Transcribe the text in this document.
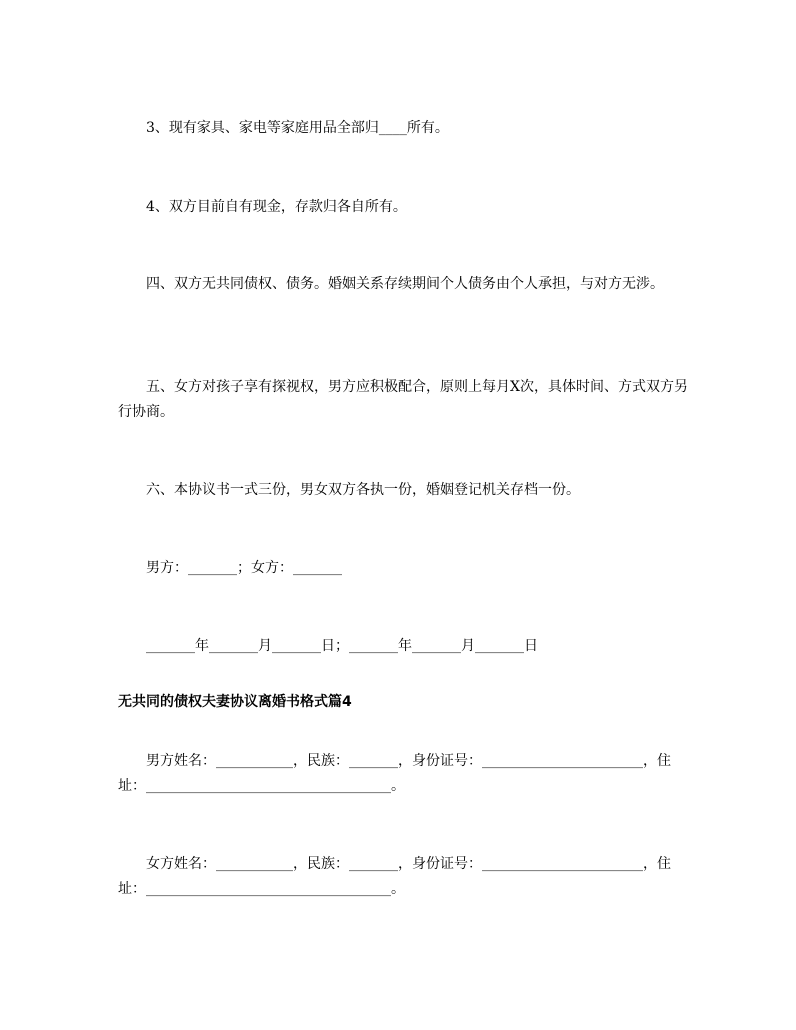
3、现有家具、家电等家庭用品全部归____所有。

4、双方目前自有现金，存款归各自所有。

四、双方无共同债权、债务。婚姻关系存续期间个人债务由个人承担，与对方无涉。

五、女方对孩子享有探视权，男方应积极配合，原则上每月X次，具体时间、方式双方另行协商。

六、本协议书一式三份，男女双方各执一份，婚姻登记机关存档一份。

男方：_______；女方：_______

_______年_______月_______日；_______年_______月_______日

无共同的债权夫妻协议离婚书格式篇4

男方姓名：___________，民族：_______，身份证号：_______________________，住址：___________________________________。

女方姓名：___________，民族：_______，身份证号：_______________________，住址：___________________________________。
